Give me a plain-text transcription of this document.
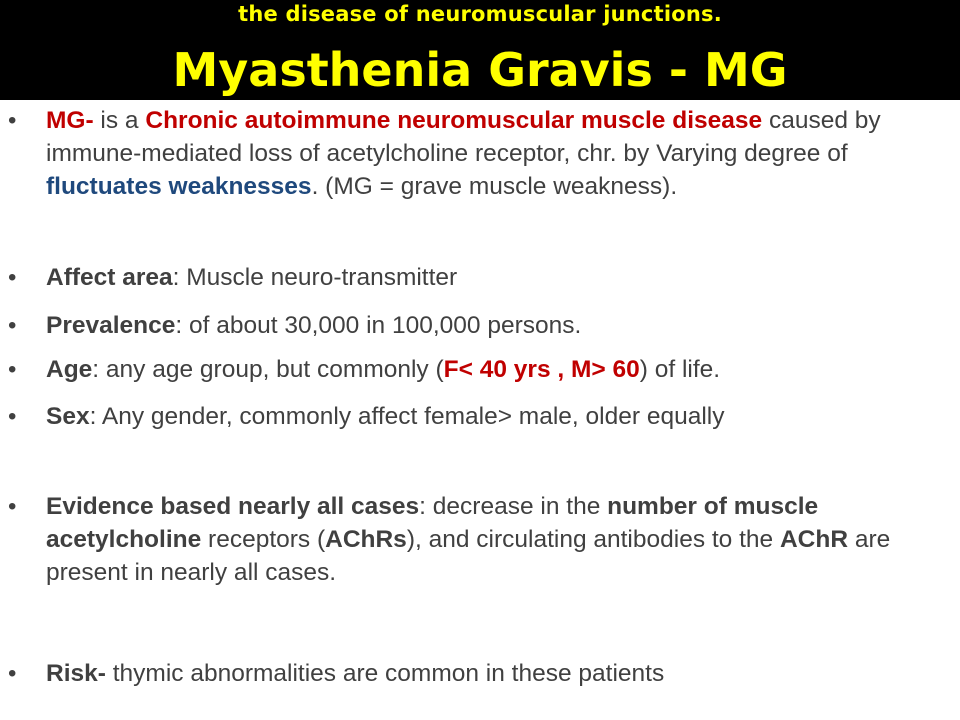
the disease of neuromuscular junctions.
Myasthenia Gravis - MG
• MG- is a Chronic autoimmune neuromuscular muscle disease caused by immune-mediated loss of acetylcholine receptor, chr. by Varying degree of fluctuates weaknesses. (MG = grave muscle weakness).
• Affect area: Muscle neuro-transmitter
• Prevalence: of about 30,000 in 100,000 persons.
• Age: any age group, but commonly (F< 40 yrs , M> 60) of life.
• Sex: Any gender, commonly affect female> male, older equally
• Evidence based nearly all cases: decrease in the number of muscle acetylcholine receptors (AChRs), and circulating antibodies to the AChR are present in nearly all cases.
• Risk- thymic abnormalities are common in these patients
